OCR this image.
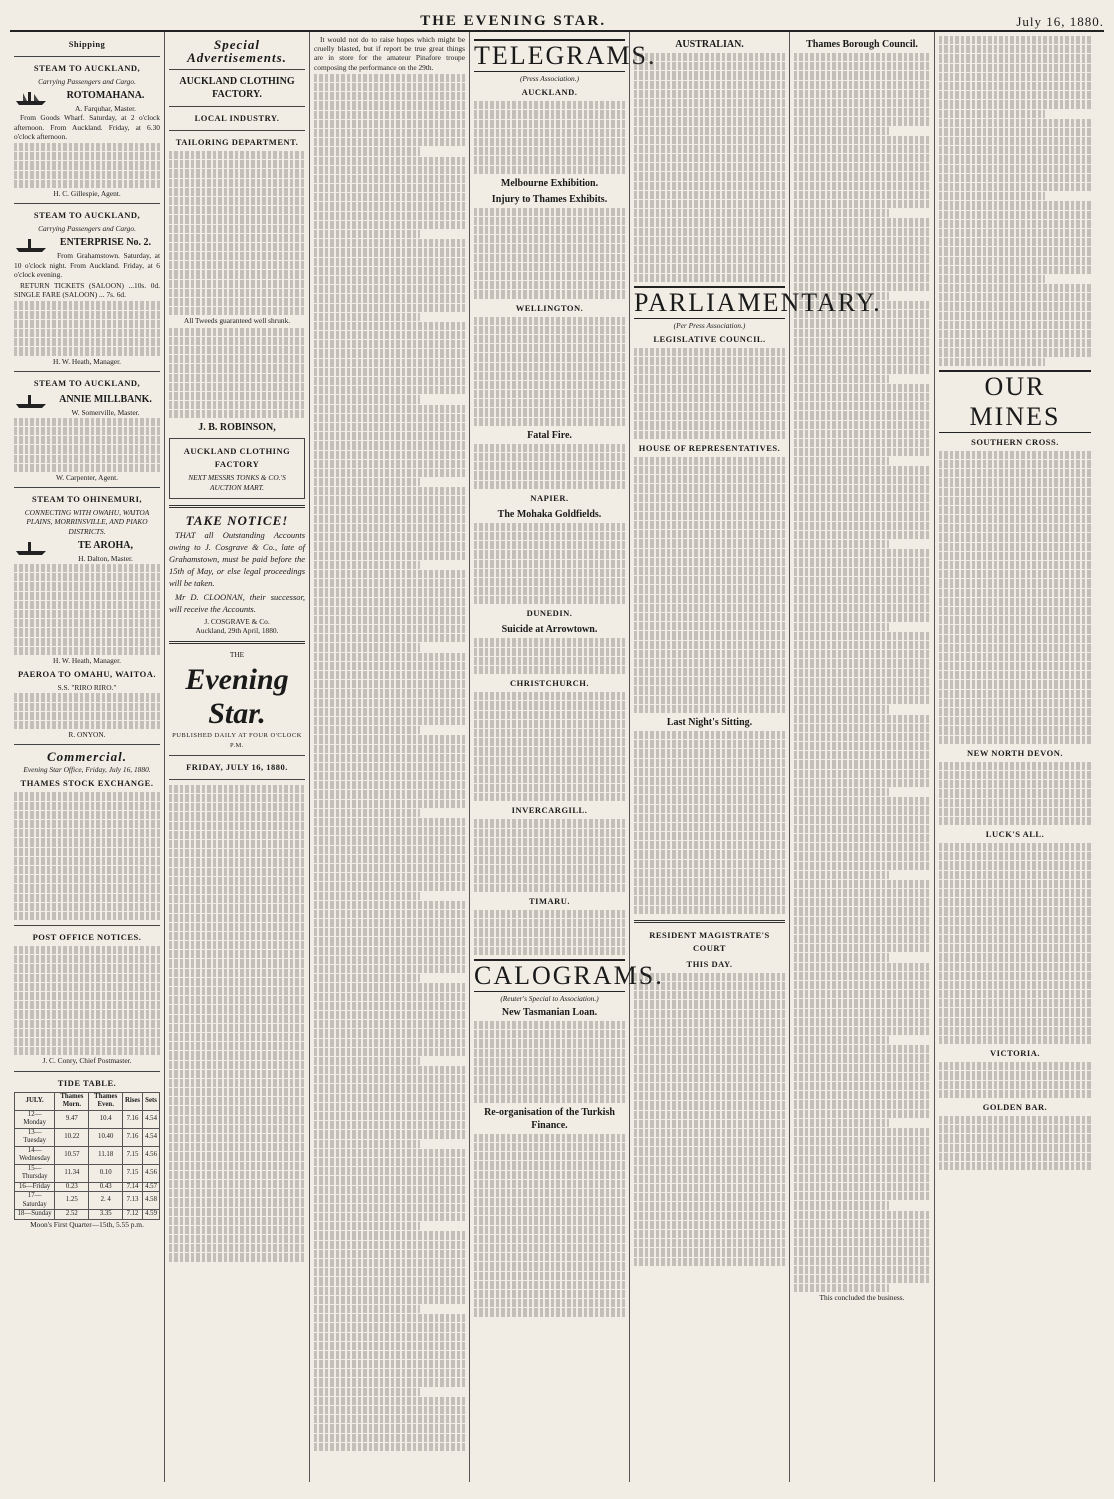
THE EVENING STAR.	July 16, 1880.
Shipping
STEAM TO AUCKLAND,
Carrying Passengers and Cargo.
ROTOMAHANA.
A. Farquhar, Master.

From Goods Wharf. Saturday, at 2 o'clock afternoon. From Auckland. Friday, at 6.30 o'clock afternoon.

H. C. Gillespie, Agent.
STEAM TO AUCKLAND,
Carrying Passengers and Cargo.
ENTERPRISE No. 2.

From Grahamstown. Saturday, at 10 o'clock night. From Auckland. Friday, at 6 o'clock evening.

RETURN TICKETS (SALOON) ...10s. 0d. SINGLE FARE (SALOON) ... 7s. 6d.

H. W. Heath, Manager.
STEAM TO AUCKLAND,
ANNIE MILLBANK.
W. Somerville, Master.
W. Carpenter, Agent.
STEAM TO OHINEMURI,
CONNECTING WITH OWAHU, WAITOA PLAINS, MORRINSVILLE, AND PIAKO DISTRICTS.
TE AROHA,
H. Dalton, Master.
H. W. Heath, Manager.
PAEROA TO OMAHU, WAITOA.
S.S. "RIRO RIRO."
R. ONYON.
Commercial.
Evening Star Office, Friday, July 16, 1880.
THAMES STOCK EXCHANGE.
POST OFFICE NOTICES.
J. C. Conry, Chief Postmaster.
TIDE TABLE.
JULY.	Thames Morn.	Thames Even.	Rises	Sets
12—Monday	9.47	10.4	7.16	4.54
13—Tuesday	10.22	10.40	7.16	4.54
14—Wednesday	10.57	11.18	7.15	4.56
15—Thursday	11.34	0.10	7.15	4.56
16—Friday	0.23	0.43	7.14	4.57
17—Saturday	1.25	2. 4	7.13	4.58
18—Sunday	2.52	3.35	7.12	4.59
Moon's First Quarter—15th, 5.55 p.m.
Special Advertisements.
AUCKLAND CLOTHING FACTORY.
LOCAL INDUSTRY.
TAILORING DEPARTMENT.

All Tweeds guaranteed well shrunk.

J. B. ROBINSON,
AUCKLAND CLOTHING FACTORY
NEXT MESSRS TONKS & CO.'S AUCTION MART.
TAKE NOTICE!

THAT all Outstanding Accounts owing to J. Cosgrave & Co., late of Grahamstown, must be paid before the 15th of May, or else legal proceedings will be taken.

Mr D. CLOONAN, their successor, will receive the Accounts.

J. COSGRAVE & Co.
Auckland, 29th April, 1880.
THE
Evening Star.
PUBLISHED DAILY AT FOUR O'CLOCK P.M.
FRIDAY, JULY 16, 1880.

It would not do to raise hopes which might be cruelly blasted, but if report be true great things are in store for the amateur Pinafore troupe composing the performance on the 29th.	TELEGRAMS.
(Press Association.)
AUCKLAND.
Melbourne Exhibition.
Injury to Thames Exhibits.
WELLINGTON.
Fatal Fire.
NAPIER.
The Mohaka Goldfields.
DUNEDIN.
Suicide at Arrowtown.
CHRISTCHURCH.
INVERCARGILL.
TIMARU.
CALOGRAMS.
(Reuter's Special to Association.)
New Tasmanian Loan.
Re-organisation of the Turkish Finance.
AUSTRALIAN.
PARLIAMENTARY.
(Per Press Association.)
LEGISLATIVE COUNCIL.
HOUSE OF REPRESENTATIVES.
Last Night's Sitting.
RESIDENT MAGISTRATE'S COURT
THIS DAY.
Thames Borough Council.

This concluded the business.

OUR MINES
SOUTHERN CROSS.
NEW NORTH DEVON.
LUCK'S ALL.
VICTORIA.
GOLDEN BAR.
